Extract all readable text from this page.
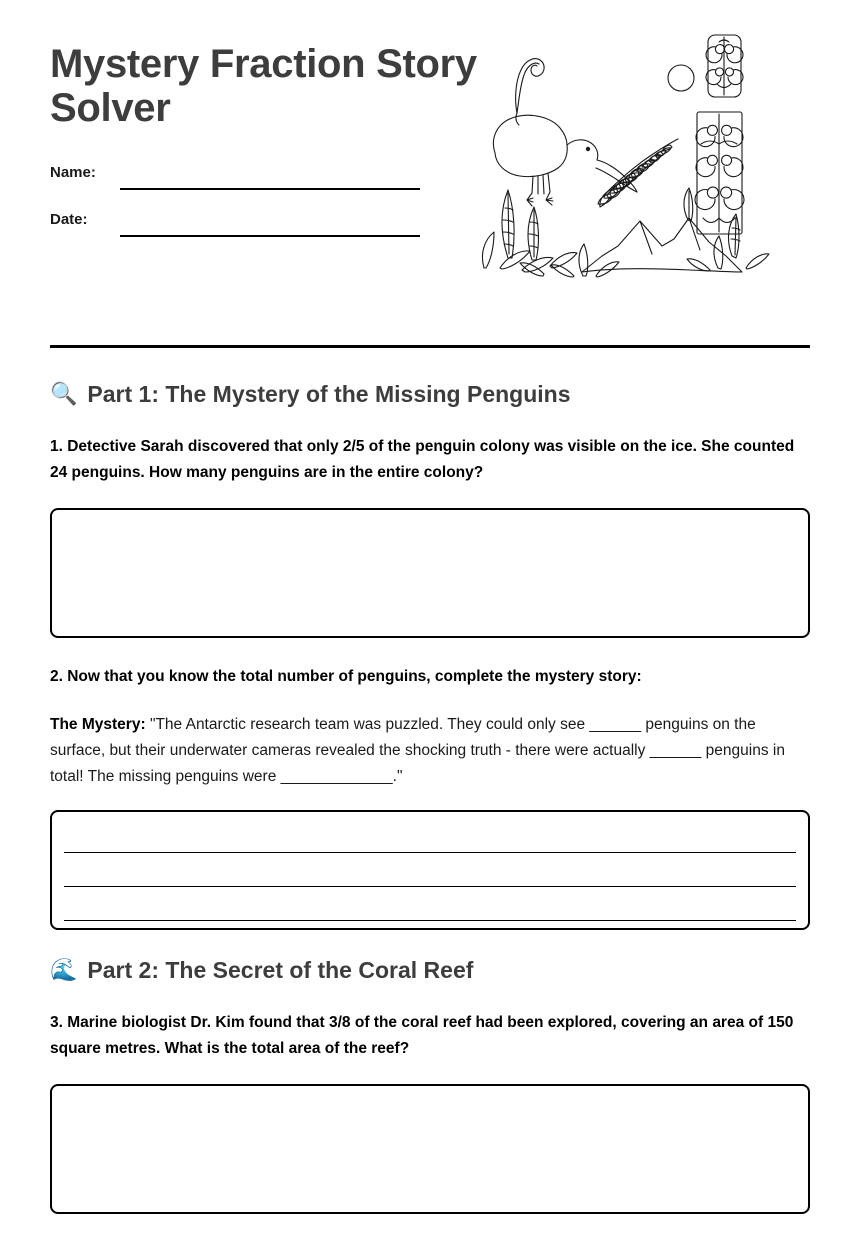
Mystery Fraction Story Solver
Name:
Date:
🔍 Part 1: The Mystery of the Missing Penguins

1. Detective Sarah discovered that only 2/5 of the penguin colony was visible on the ice. She counted 24 penguins. How many penguins are in the entire colony?

2. Now that you know the total number of penguins, complete the mystery story:

The Mystery: "The Antarctic research team was puzzled. They could only see ______ penguins on the surface, but their underwater cameras revealed the shocking truth - there were actually ______ penguins in total! The missing penguins were _____________."

🌊 Part 2: The Secret of the Coral Reef

3. Marine biologist Dr. Kim found that 3/8 of the coral reef had been explored, covering an area of 150 square metres. What is the total area of the reef?
